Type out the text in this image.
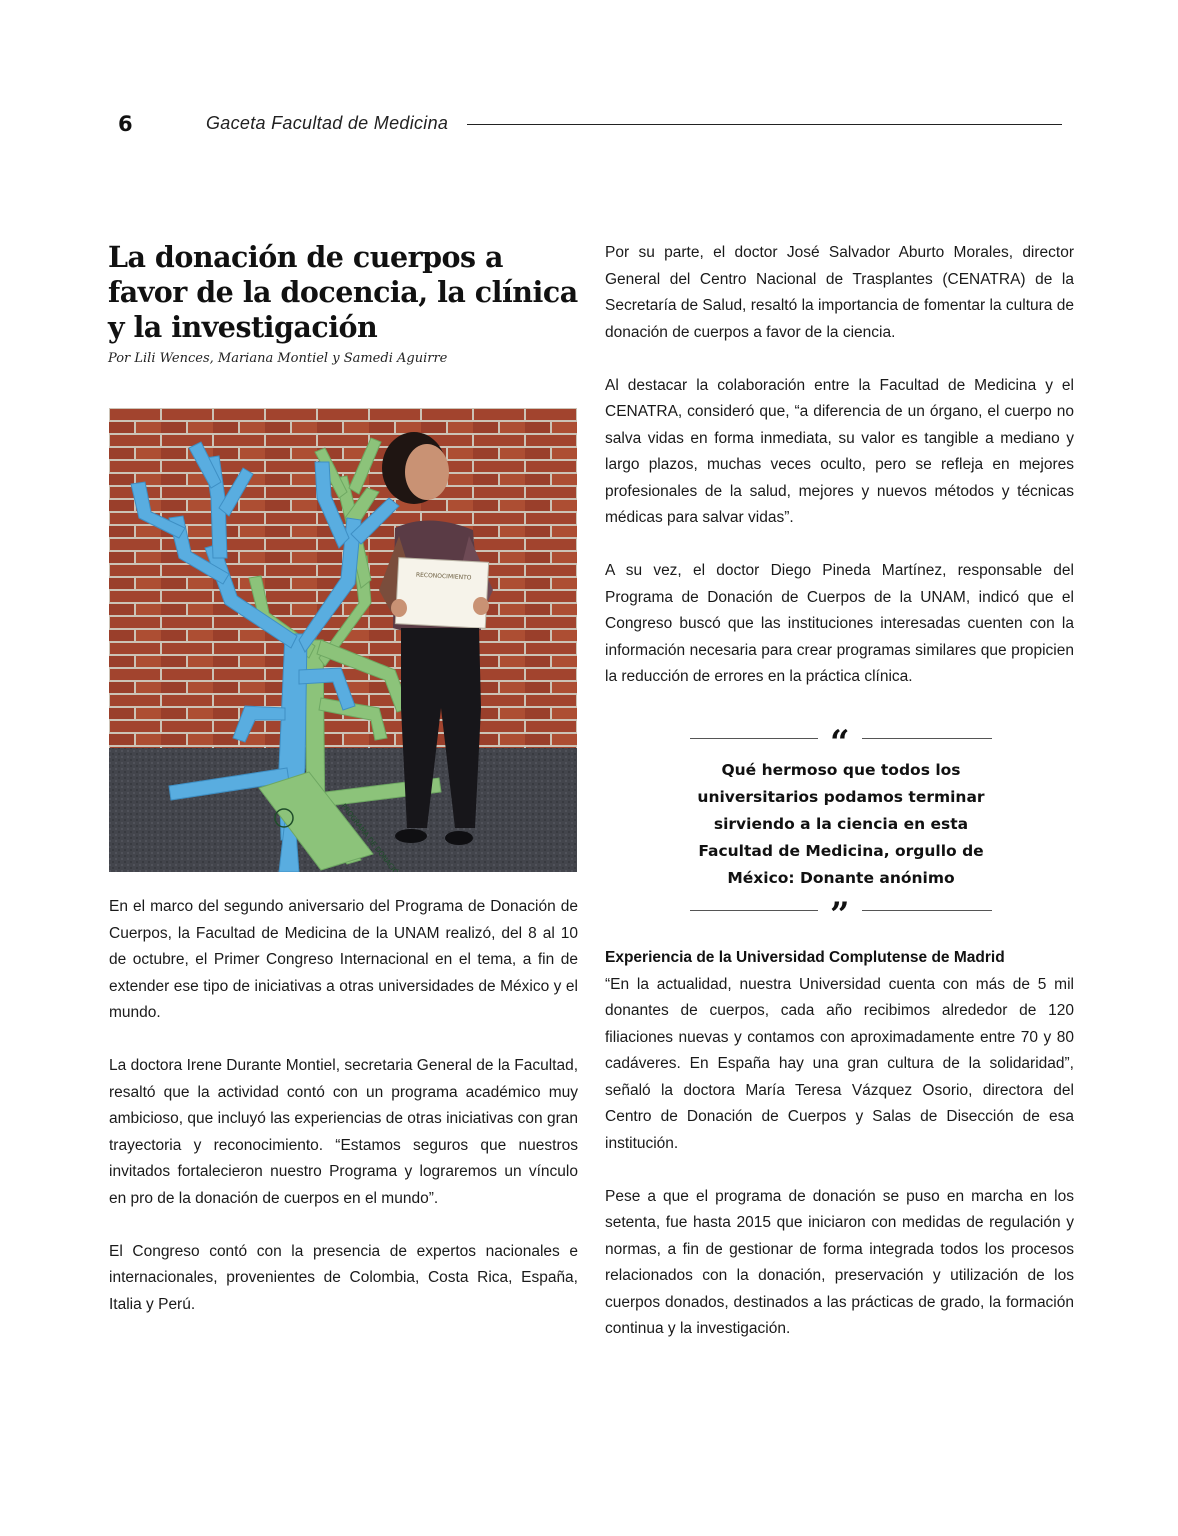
6	Gaceta Facultad de Medicina
La donación de cuerpos a favor de la docencia, la clínica y la investigación

Por Lili Wences, Mariana Montiel y Samedi Aguirre

RECONOCIMIENTO

En el marco del segundo aniversario del Programa de Donación de Cuerpos, la Facultad de Medicina de la UNAM realizó, del 8 al 10 de octubre, el Primer Congreso Internacional en el tema, a fin de extender ese tipo de iniciativas a otras universidades de México y el mundo.

La doctora Irene Durante Montiel, secretaria General de la Facultad, resaltó que la actividad contó con un programa académico muy ambicioso, que incluyó las experiencias de otras iniciativas con gran trayectoria y reconocimiento. “Estamos seguros que nuestros invitados fortalecieron nuestro Programa y lograremos un vínculo en pro de la donación de cuerpos en el mundo”.

El Congreso contó con la presencia de expertos nacionales e internacionales, provenientes de Colombia, Costa Rica, España, Italia y Perú.

Por su parte, el doctor José Salvador Aburto Morales, director General del Centro Nacional de Trasplantes (CENATRA) de la Secretaría de Salud, resaltó la importancia de fomentar la cultura de donación de cuerpos a favor de la ciencia.

Al destacar la colaboración entre la Facultad de Medicina y el CENATRA, consideró que, “a diferencia de un órgano, el cuerpo no salva vidas en forma inmediata, su valor es tangible a mediano y largo plazos, muchas veces oculto, pero se refleja en mejores profesionales de la salud, mejores y nuevos métodos y técnicas médicas para salvar vidas”.

A su vez, el doctor Diego Pineda Martínez, responsable del Programa de Donación de Cuerpos de la UNAM, indicó que el Congreso buscó que las instituciones interesadas cuenten con la información necesaria para crear programas similares que propicien la reducción de errores en la práctica clínica.

“

Qué hermoso que todos los universitarios podamos terminar sirviendo a la ciencia en esta Facultad de Medicina, orgullo de México: Donante anónimo

”

Experiencia de la Universidad Complutense de Madrid
“En la actualidad, nuestra Universidad cuenta con más de 5 mil donantes de cuerpos, cada año recibimos alrededor de 120 filiaciones nuevas y contamos con aproximadamente entre 70 y 80 cadáveres. En España hay una gran cultura de la solidaridad”, señaló la doctora María Teresa Vázquez Osorio, directora del Centro de Donación de Cuerpos y Salas de Disección de esa institución.

Pese a que el programa de donación se puso en marcha en los setenta, fue hasta 2015 que iniciaron con medidas de regulación y normas, a fin de gestionar de forma integrada todos los procesos relacionados con la donación, preservación y utilización de los cuerpos donados, destinados a las prácticas de grado, la formación continua y la investigación.
